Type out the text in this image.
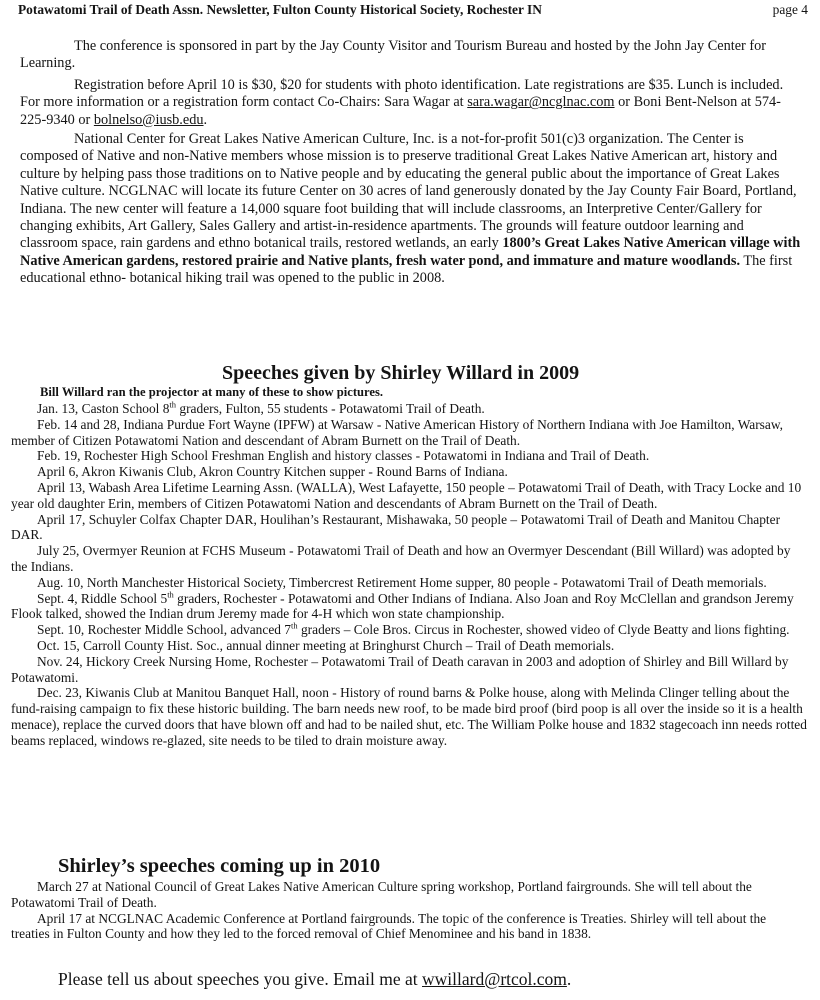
Potawatomi Trail of Death Assn. Newsletter, Fulton County Historical Society, Rochester IN	page 4

The conference is sponsored in part by the Jay County Visitor and Tourism Bureau and hosted by the John Jay Center for Learning.

Registration before April 10 is $30, $20 for students with photo identification. Late registrations are $35. Lunch is included. For more information or a registration form contact Co-Chairs: Sara Wagar at sara.wagar@ncglnac.com or Boni Bent-Nelson at 574-225-9340 or bolnelso@iusb.edu.

National Center for Great Lakes Native American Culture, Inc. is a not-for-profit 501(c)3 organization. The Center is composed of Native and non-Native members whose mission is to preserve traditional Great Lakes Native American art, history and culture by helping pass those traditions on to Native people and by educating the general public about the importance of Great Lakes Native culture. NCGLNAC will locate its future Center on 30 acres of land generously donated by the Jay County Fair Board, Portland, Indiana. The new center will feature a 14,000 square foot building that will include classrooms, an Interpretive Center/Gallery for changing exhibits, Art Gallery, Sales Gallery and artist-in-residence apartments. The grounds will feature outdoor learning and classroom space, rain gardens and ethno botanical trails, restored wetlands, an early 1800’s Great Lakes Native American village with Native American gardens, restored prairie and Native plants, fresh water pond, and immature and mature woodlands. The first educational ethno- botanical hiking trail was opened to the public in 2008.

Speeches given by Shirley Willard in 2009
Bill Willard ran the projector at many of these to show pictures.
Jan. 13, Caston School 8th graders, Fulton, 55 students - Potawatomi Trail of Death.
Feb. 14 and 28, Indiana Purdue Fort Wayne (IPFW) at Warsaw - Native American History of Northern Indiana with Joe Hamilton, Warsaw, member of Citizen Potawatomi Nation and descendant of Abram Burnett on the Trail of Death.
Feb. 19, Rochester High School Freshman English and history classes - Potawatomi in Indiana and Trail of Death.
April 6, Akron Kiwanis Club, Akron Country Kitchen supper - Round Barns of Indiana.
April 13, Wabash Area Lifetime Learning Assn. (WALLA), West Lafayette, 150 people – Potawatomi Trail of Death, with Tracy Locke and 10 year old daughter Erin, members of Citizen Potawatomi Nation and descendants of Abram Burnett on the Trail of Death.
April 17, Schuyler Colfax Chapter DAR, Houlihan’s Restaurant, Mishawaka, 50 people – Potawatomi Trail of Death and Manitou Chapter DAR.
July 25, Overmyer Reunion at FCHS Museum - Potawatomi Trail of Death and how an Overmyer Descendant (Bill Willard) was adopted by the Indians.
Aug. 10, North Manchester Historical Society, Timbercrest Retirement Home supper, 80 people - Potawatomi Trail of Death memorials.
Sept. 4, Riddle School 5th graders, Rochester - Potawatomi and Other Indians of Indiana. Also Joan and Roy McClellan and grandson Jeremy Flook talked, showed the Indian drum Jeremy made for 4-H which won state championship.
Sept. 10, Rochester Middle School, advanced 7th graders – Cole Bros. Circus in Rochester, showed video of Clyde Beatty and lions fighting.
Oct. 15, Carroll County Hist. Soc., annual dinner meeting at Bringhurst Church – Trail of Death memorials.
Nov. 24, Hickory Creek Nursing Home, Rochester – Potawatomi Trail of Death caravan in 2003 and adoption of Shirley and Bill Willard by Potawatomi.
Dec. 23, Kiwanis Club at Manitou Banquet Hall, noon - History of round barns & Polke house, along with Melinda Clinger telling about the fund-raising campaign to fix these historic building. The barn needs new roof, to be made bird proof (bird poop is all over the inside so it is a health menace), replace the curved doors that have blown off and had to be nailed shut, etc. The William Polke house and 1832 stagecoach inn needs rotted beams replaced, windows re-glazed, site needs to be tiled to drain moisture away.
Shirley’s speeches coming up in 2010
March 27 at National Council of Great Lakes Native American Culture spring workshop, Portland fairgrounds. She will tell about the Potawatomi Trail of Death.
April 17 at NCGLNAC Academic Conference at Portland fairgrounds. The topic of the conference is Treaties. Shirley will tell about the treaties in Fulton County and how they led to the forced removal of Chief Menominee and his band in 1838.
Please tell us about speeches you give. Email me at wwillard@rtcol.com.
